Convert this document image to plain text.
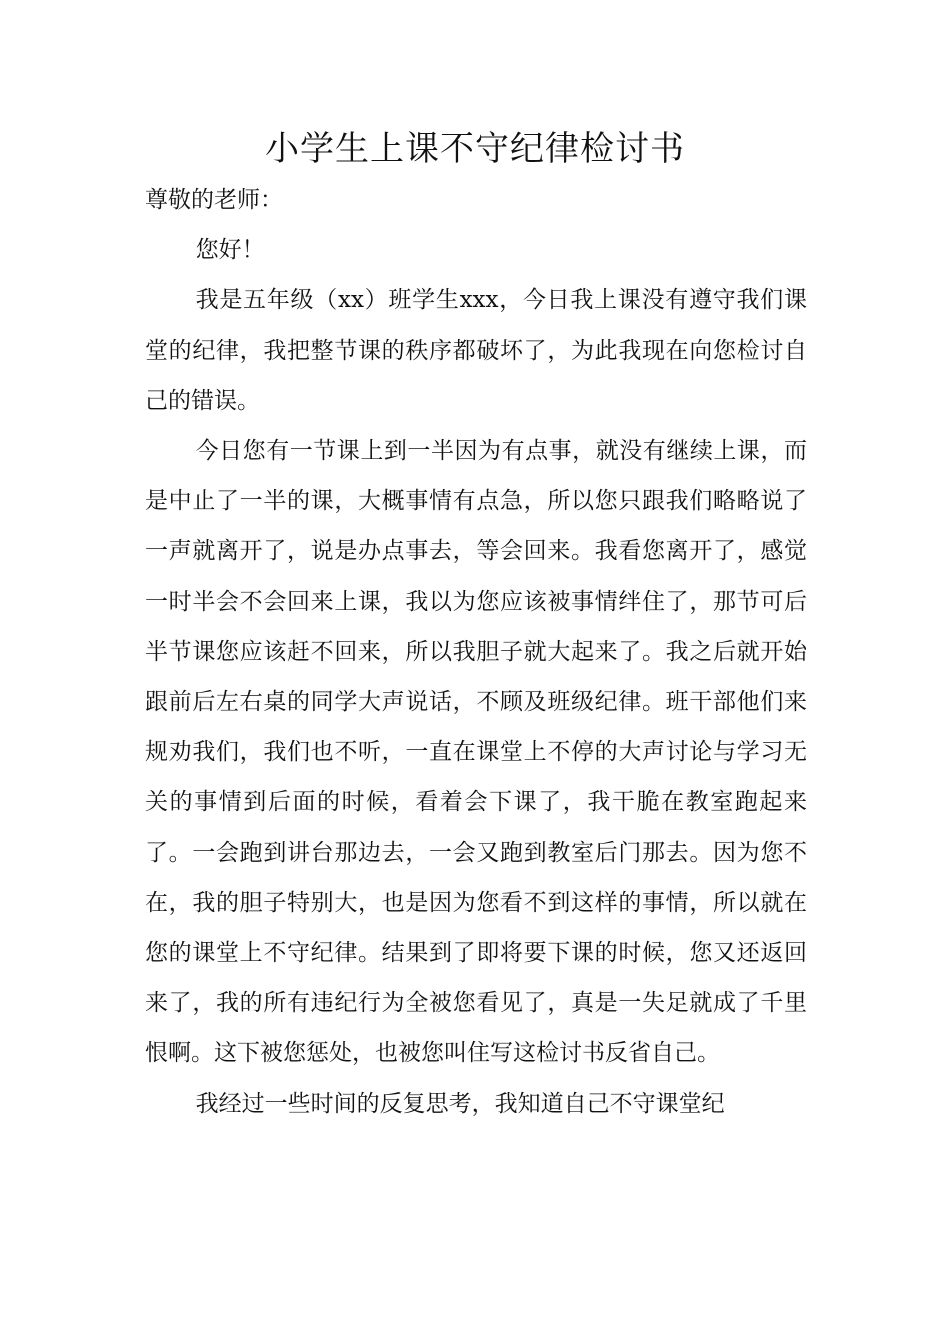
小学生上课不守纪律检讨书

尊敬的老师：

您好！

我是五年级（xx）班学生xxx，今日我上课没有遵守我们课堂的纪律，我把整节课的秩序都破坏了，为此我现在向您检讨自己的错误。

今日您有一节课上到一半因为有点事，就没有继续上课，而是中止了一半的课，大概事情有点急，所以您只跟我们略略说了一声就离开了，说是办点事去，等会回来。我看您离开了，感觉一时半会不会回来上课，我以为您应该被事情绊住了，那节可后半节课您应该赶不回来，所以我胆子就大起来了。我之后就开始跟前后左右桌的同学大声说话，不顾及班级纪律。班干部他们来规劝我们，我们也不听，一直在课堂上不停的大声讨论与学习无关的事情到后面的时候，看着会下课了，我干脆在教室跑起来了。一会跑到讲台那边去，一会又跑到教室后门那去。因为您不在，我的胆子特别大，也是因为您看不到这样的事情，所以就在您的课堂上不守纪律。结果到了即将要下课的时候，您又还返回来了，我的所有违纪行为全被您看见了，真是一失足就成了千里恨啊。这下被您惩处，也被您叫住写这检讨书反省自己。

我经过一些时间的反复思考，我知道自己不守课堂纪
